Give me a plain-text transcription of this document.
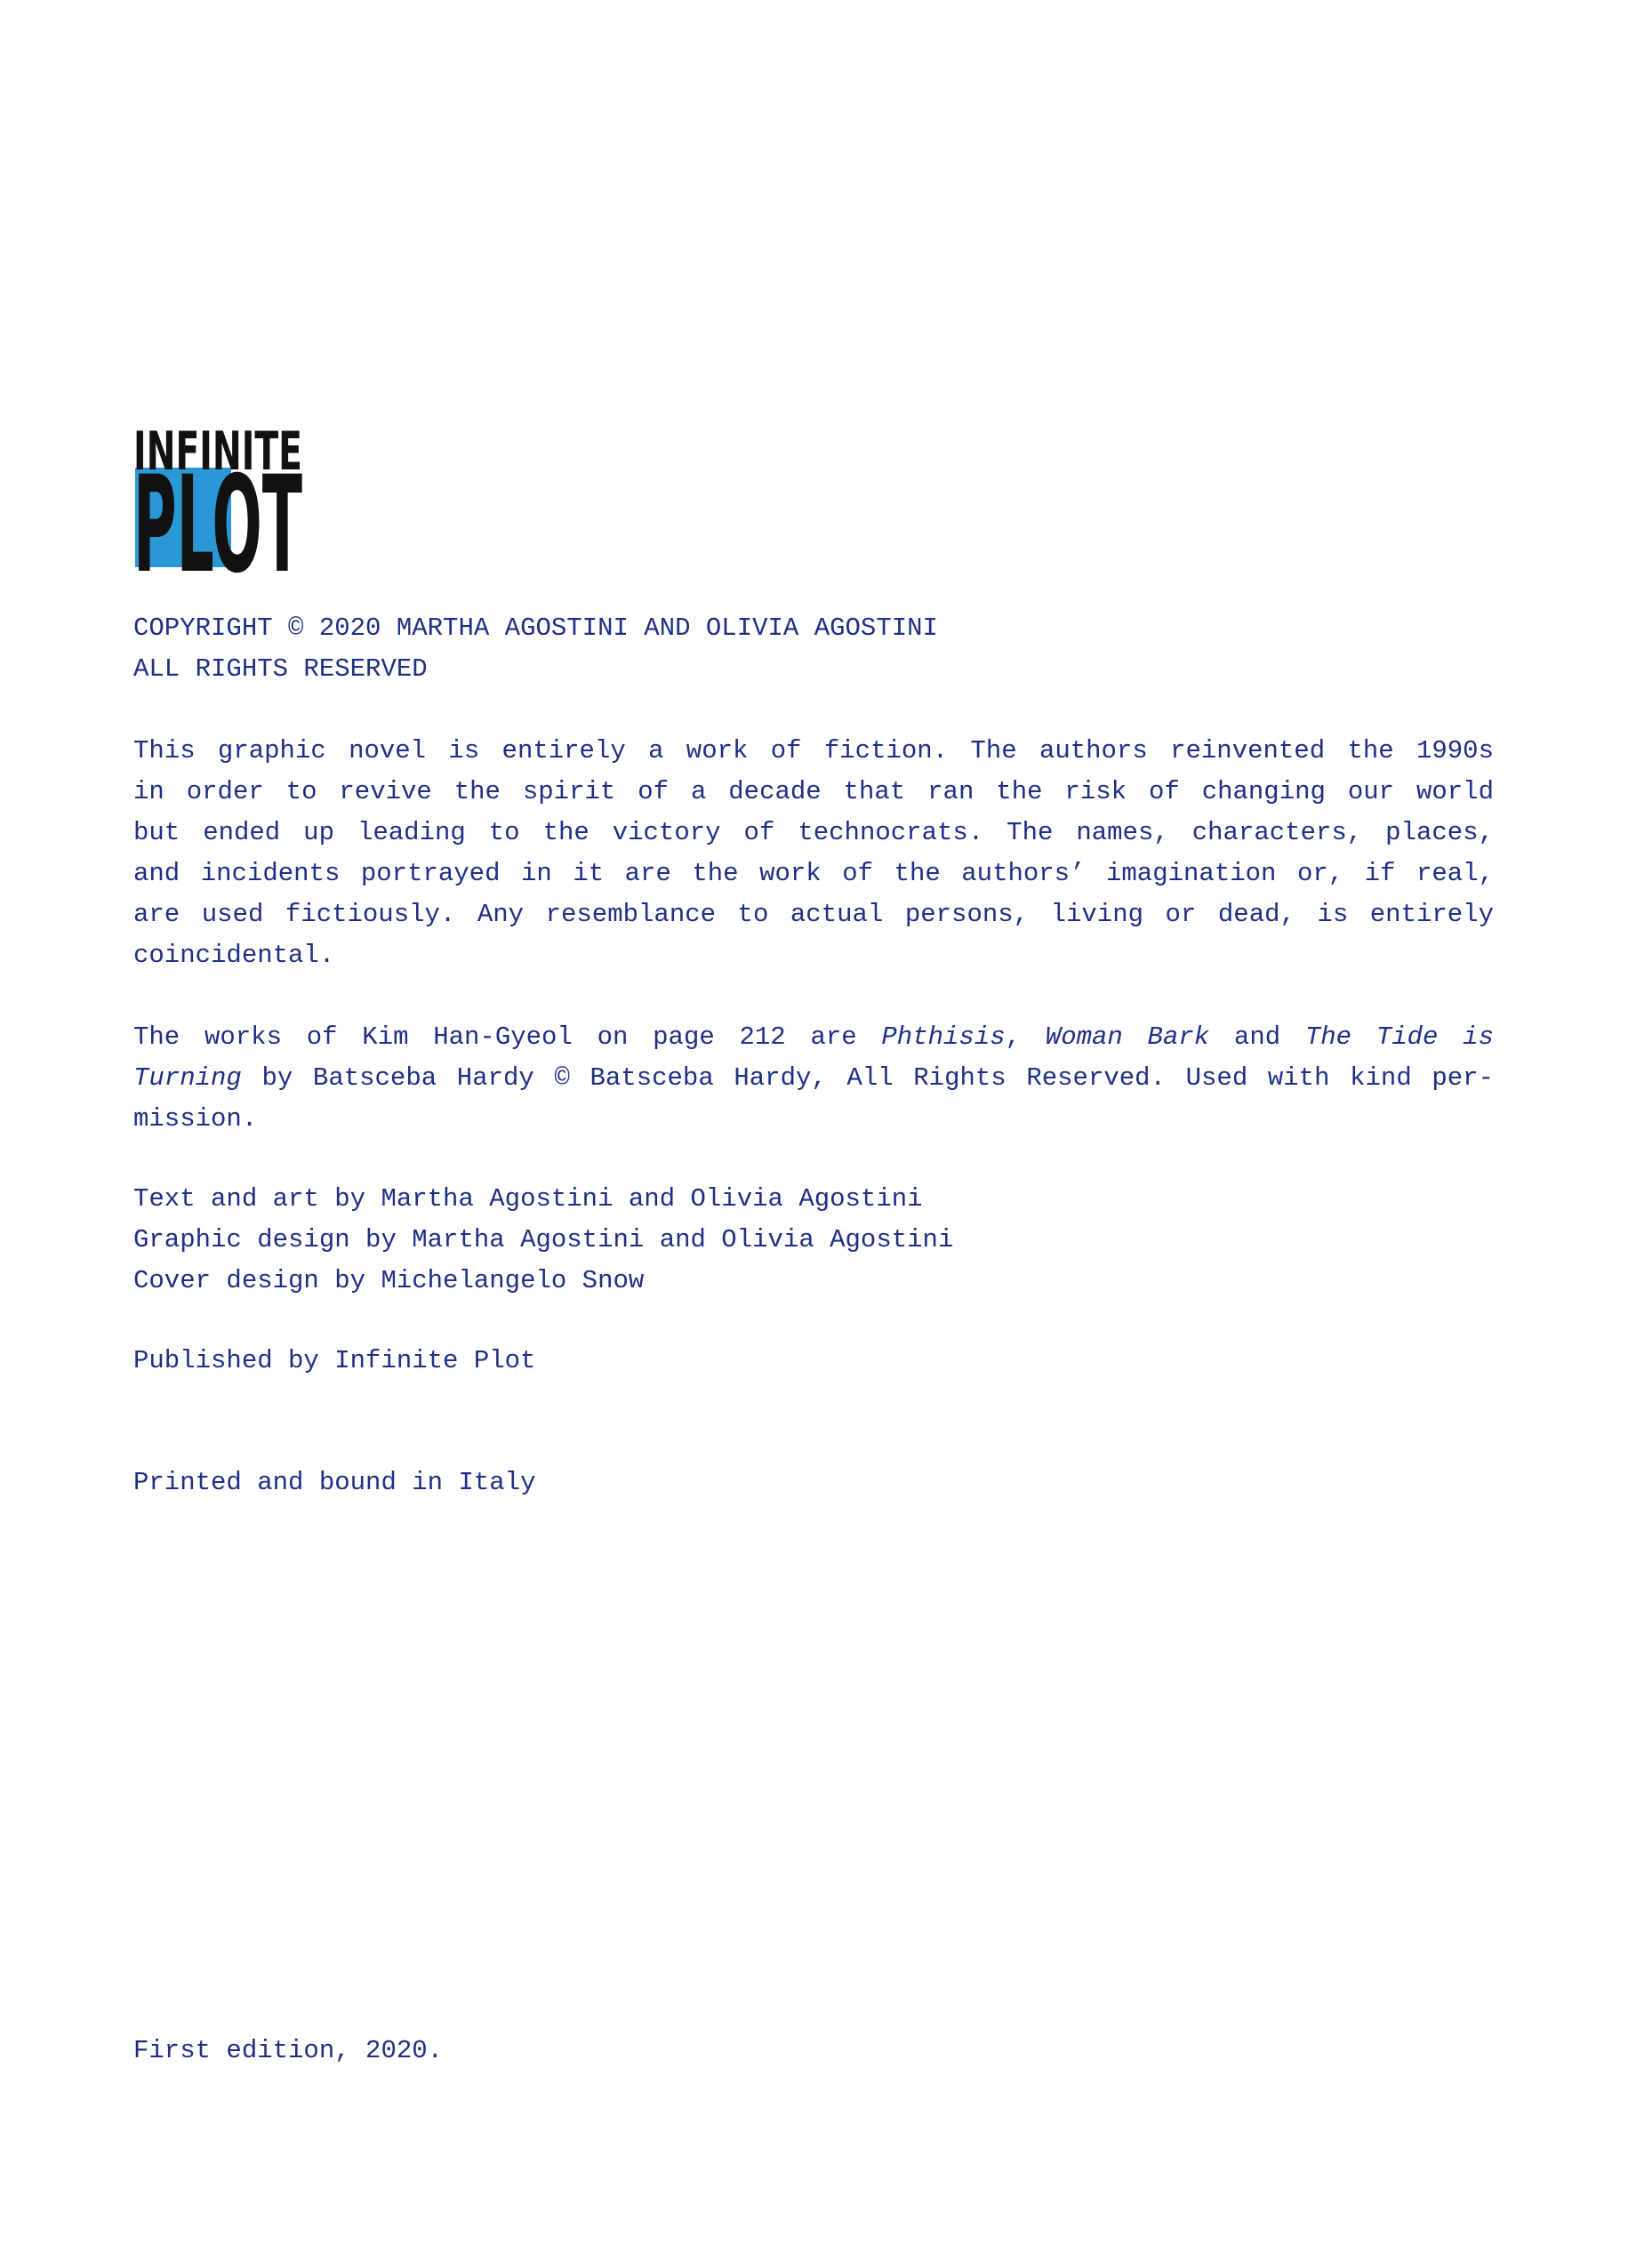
INFINITE
PLOT
COPYRIGHT © 2020 MARTHA AGOSTINI AND OLIVIA AGOSTINI
ALL RIGHTS RESERVED
This graphic novel is entirely a work of fiction. The authors reinvented the 1990s
in order to revive the spirit of a decade that ran the risk of changing our world
but ended up leading to the victory of technocrats. The names, characters, places,
and incidents portrayed in it are the work of the authors’ imagination or, if real,
are used fictiously. Any resemblance to actual persons, living or dead, is entirely
coincidental.
The works of Kim Han-Gyeol on page 212 are Phthisis, Woman Bark and The Tide is
Turning by Batsceba Hardy © Batsceba Hardy, All Rights Reserved. Used with kind per-
mission.
Text and art by Martha Agostini and Olivia Agostini
Graphic design by Martha Agostini and Olivia Agostini
Cover design by Michelangelo Snow
Published by Infinite Plot
Printed and bound in Italy
First edition, 2020.
